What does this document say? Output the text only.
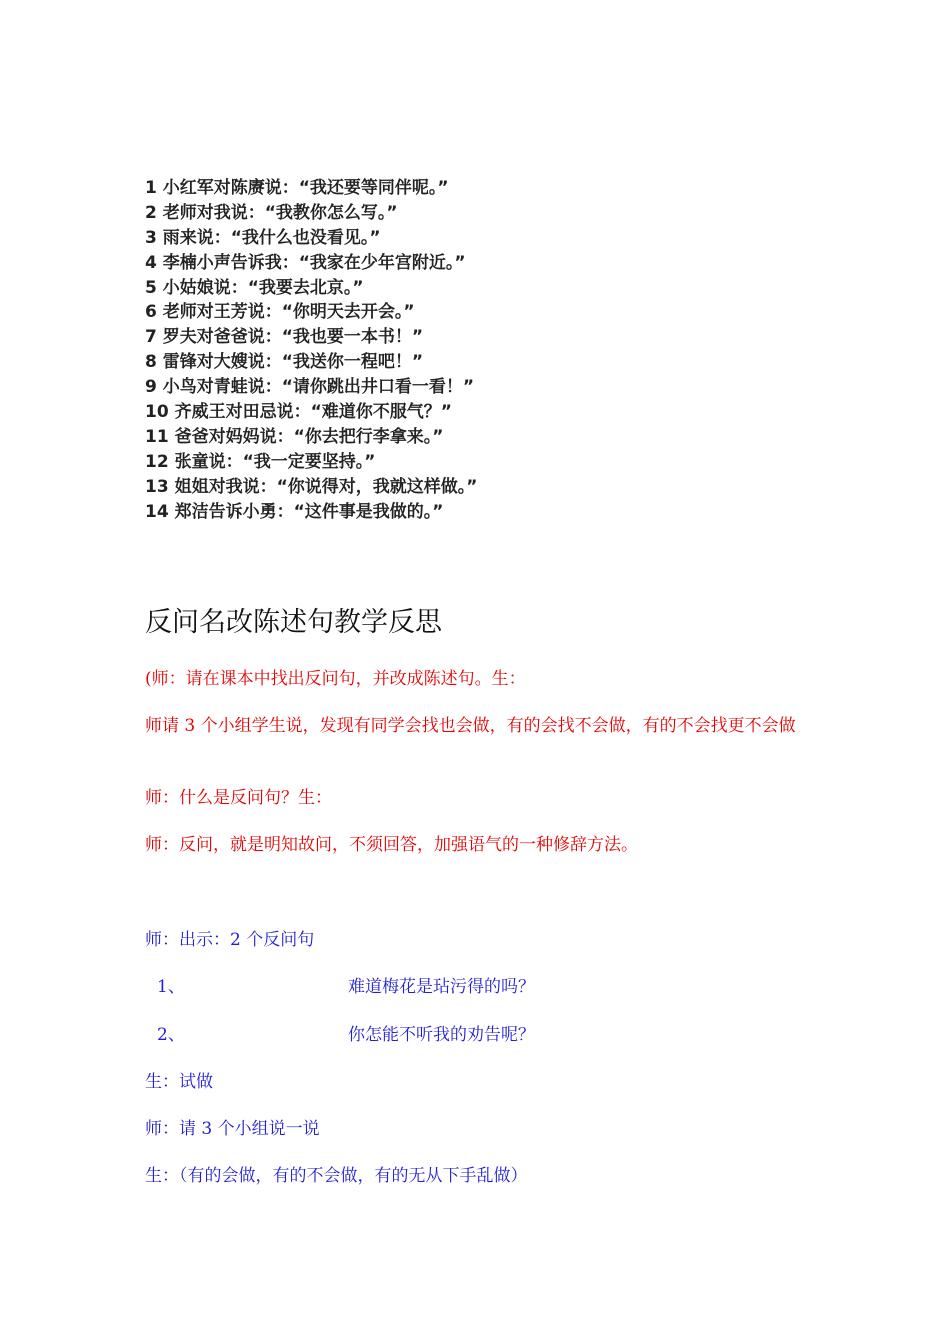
1 小红军对陈赓说：“我还要等同伴呢。”
2 老师对我说：“我教你怎么写。”
3 雨来说：“我什么也没看见。”
4 李楠小声告诉我：“我家在少年宫附近。”
5 小姑娘说：“我要去北京。”
6 老师对王芳说：“你明天去开会。”
7 罗夫对爸爸说：“我也要一本书！”
8 雷锋对大嫂说：“我送你一程吧！”
9 小鸟对青蛙说：“请你跳出井口看一看！”
10 齐威王对田忌说：“难道你不服气？”
11 爸爸对妈妈说：“你去把行李拿来。”
12 张童说：“我一定要坚持。”
13 姐姐对我说：“你说得对，我就这样做。”
14 郑洁告诉小勇：“这件事是我做的。”
反问名改陈述句教学反思

(师：请在课本中找出反问句，并改成陈述句。生：

师请 3 个小组学生说，发现有同学会找也会做，有的会找不会做，有的不会找更不会做

师：什么是反问句？生：

师：反问，就是明知故问，不须回答，加强语气的一种修辞方法。

师：出示：2 个反问句

1、	难道梅花是玷污得的吗？
2、	你怎能不听我的劝告呢？

生：试做

师：请 3 个小组说一说

生：（有的会做，有的不会做，有的无从下手乱做）
